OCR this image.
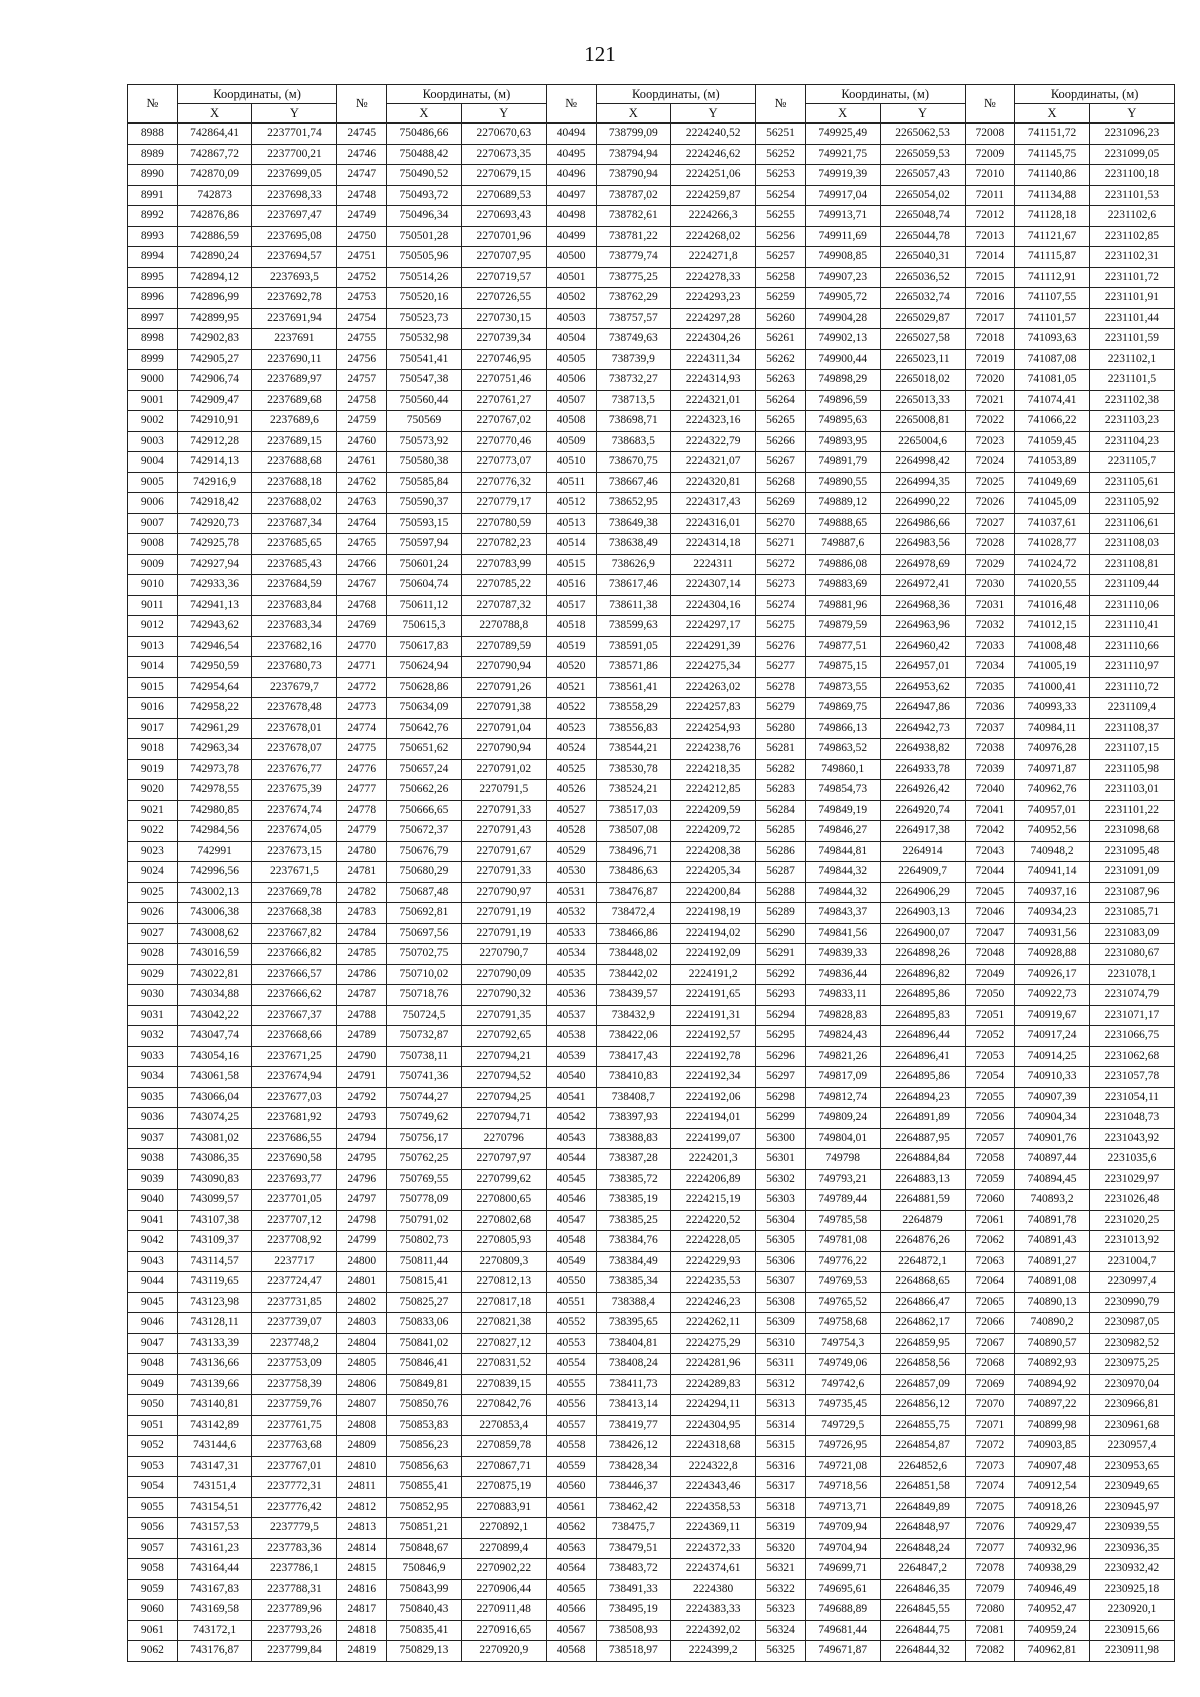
121
№	Координаты, (м)		№	Координаты, (м)		№	Координаты, (м)		№	Координаты, (м)		№	Координаты, (м)	
	X	Y		X	Y		X	Y		X	Y		X	Y
8988	742864,41	2237701,74	24745	750486,66	2270670,63	40494	738799,09	2224240,52	56251	749925,49	2265062,53	72008	741151,72	2231096,23
8989	742867,72	2237700,21	24746	750488,42	2270673,35	40495	738794,94	2224246,62	56252	749921,75	2265059,53	72009	741145,75	2231099,05
8990	742870,09	2237699,05	24747	750490,52	2270679,15	40496	738790,94	2224251,06	56253	749919,39	2265057,43	72010	741140,86	2231100,18
8991	742873	2237698,33	24748	750493,72	2270689,53	40497	738787,02	2224259,87	56254	749917,04	2265054,02	72011	741134,88	2231101,53
8992	742876,86	2237697,47	24749	750496,34	2270693,43	40498	738782,61	2224266,3	56255	749913,71	2265048,74	72012	741128,18	2231102,6
8993	742886,59	2237695,08	24750	750501,28	2270701,96	40499	738781,22	2224268,02	56256	749911,69	2265044,78	72013	741121,67	2231102,85
8994	742890,24	2237694,57	24751	750505,96	2270707,95	40500	738779,74	2224271,8	56257	749908,85	2265040,31	72014	741115,87	2231102,31
8995	742894,12	2237693,5	24752	750514,26	2270719,57	40501	738775,25	2224278,33	56258	749907,23	2265036,52	72015	741112,91	2231101,72
8996	742896,99	2237692,78	24753	750520,16	2270726,55	40502	738762,29	2224293,23	56259	749905,72	2265032,74	72016	741107,55	2231101,91
8997	742899,95	2237691,94	24754	750523,73	2270730,15	40503	738757,57	2224297,28	56260	749904,28	2265029,87	72017	741101,57	2231101,44
8998	742902,83	2237691	24755	750532,98	2270739,34	40504	738749,63	2224304,26	56261	749902,13	2265027,58	72018	741093,63	2231101,59
8999	742905,27	2237690,11	24756	750541,41	2270746,95	40505	738739,9	2224311,34	56262	749900,44	2265023,11	72019	741087,08	2231102,1
9000	742906,74	2237689,97	24757	750547,38	2270751,46	40506	738732,27	2224314,93	56263	749898,29	2265018,02	72020	741081,05	2231101,5
9001	742909,47	2237689,68	24758	750560,44	2270761,27	40507	738713,5	2224321,01	56264	749896,59	2265013,33	72021	741074,41	2231102,38
9002	742910,91	2237689,6	24759	750569	2270767,02	40508	738698,71	2224323,16	56265	749895,63	2265008,81	72022	741066,22	2231103,23
9003	742912,28	2237689,15	24760	750573,92	2270770,46	40509	738683,5	2224322,79	56266	749893,95	2265004,6	72023	741059,45	2231104,23
9004	742914,13	2237688,68	24761	750580,38	2270773,07	40510	738670,75	2224321,07	56267	749891,79	2264998,42	72024	741053,89	2231105,7
9005	742916,9	2237688,18	24762	750585,84	2270776,32	40511	738667,46	2224320,81	56268	749890,55	2264994,35	72025	741049,69	2231105,61
9006	742918,42	2237688,02	24763	750590,37	2270779,17	40512	738652,95	2224317,43	56269	749889,12	2264990,22	72026	741045,09	2231105,92
9007	742920,73	2237687,34	24764	750593,15	2270780,59	40513	738649,38	2224316,01	56270	749888,65	2264986,66	72027	741037,61	2231106,61
9008	742925,78	2237685,65	24765	750597,94	2270782,23	40514	738638,49	2224314,18	56271	749887,6	2264983,56	72028	741028,77	2231108,03
9009	742927,94	2237685,43	24766	750601,24	2270783,99	40515	738626,9	2224311	56272	749886,08	2264978,69	72029	741024,72	2231108,81
9010	742933,36	2237684,59	24767	750604,74	2270785,22	40516	738617,46	2224307,14	56273	749883,69	2264972,41	72030	741020,55	2231109,44
9011	742941,13	2237683,84	24768	750611,12	2270787,32	40517	738611,38	2224304,16	56274	749881,96	2264968,36	72031	741016,48	2231110,06
9012	742943,62	2237683,34	24769	750615,3	2270788,8	40518	738599,63	2224297,17	56275	749879,59	2264963,96	72032	741012,15	2231110,41
9013	742946,54	2237682,16	24770	750617,83	2270789,59	40519	738591,05	2224291,39	56276	749877,51	2264960,42	72033	741008,48	2231110,66
9014	742950,59	2237680,73	24771	750624,94	2270790,94	40520	738571,86	2224275,34	56277	749875,15	2264957,01	72034	741005,19	2231110,97
9015	742954,64	2237679,7	24772	750628,86	2270791,26	40521	738561,41	2224263,02	56278	749873,55	2264953,62	72035	741000,41	2231110,72
9016	742958,22	2237678,48	24773	750634,09	2270791,38	40522	738558,29	2224257,83	56279	749869,75	2264947,86	72036	740993,33	2231109,4
9017	742961,29	2237678,01	24774	750642,76	2270791,04	40523	738556,83	2224254,93	56280	749866,13	2264942,73	72037	740984,11	2231108,37
9018	742963,34	2237678,07	24775	750651,62	2270790,94	40524	738544,21	2224238,76	56281	749863,52	2264938,82	72038	740976,28	2231107,15
9019	742973,78	2237676,77	24776	750657,24	2270791,02	40525	738530,78	2224218,35	56282	749860,1	2264933,78	72039	740971,87	2231105,98
9020	742978,55	2237675,39	24777	750662,26	2270791,5	40526	738524,21	2224212,85	56283	749854,73	2264926,42	72040	740962,76	2231103,01
9021	742980,85	2237674,74	24778	750666,65	2270791,33	40527	738517,03	2224209,59	56284	749849,19	2264920,74	72041	740957,01	2231101,22
9022	742984,56	2237674,05	24779	750672,37	2270791,43	40528	738507,08	2224209,72	56285	749846,27	2264917,38	72042	740952,56	2231098,68
9023	742991	2237673,15	24780	750676,79	2270791,67	40529	738496,71	2224208,38	56286	749844,81	2264914	72043	740948,2	2231095,48
9024	742996,56	2237671,5	24781	750680,29	2270791,33	40530	738486,63	2224205,34	56287	749844,32	2264909,7	72044	740941,14	2231091,09
9025	743002,13	2237669,78	24782	750687,48	2270790,97	40531	738476,87	2224200,84	56288	749844,32	2264906,29	72045	740937,16	2231087,96
9026	743006,38	2237668,38	24783	750692,81	2270791,19	40532	738472,4	2224198,19	56289	749843,37	2264903,13	72046	740934,23	2231085,71
9027	743008,62	2237667,82	24784	750697,56	2270791,19	40533	738466,86	2224194,02	56290	749841,56	2264900,07	72047	740931,56	2231083,09
9028	743016,59	2237666,82	24785	750702,75	2270790,7	40534	738448,02	2224192,09	56291	749839,33	2264898,26	72048	740928,88	2231080,67
9029	743022,81	2237666,57	24786	750710,02	2270790,09	40535	738442,02	2224191,2	56292	749836,44	2264896,82	72049	740926,17	2231078,1
9030	743034,88	2237666,62	24787	750718,76	2270790,32	40536	738439,57	2224191,65	56293	749833,11	2264895,86	72050	740922,73	2231074,79
9031	743042,22	2237667,37	24788	750724,5	2270791,35	40537	738432,9	2224191,31	56294	749828,83	2264895,83	72051	740919,67	2231071,17
9032	743047,74	2237668,66	24789	750732,87	2270792,65	40538	738422,06	2224192,57	56295	749824,43	2264896,44	72052	740917,24	2231066,75
9033	743054,16	2237671,25	24790	750738,11	2270794,21	40539	738417,43	2224192,78	56296	749821,26	2264896,41	72053	740914,25	2231062,68
9034	743061,58	2237674,94	24791	750741,36	2270794,52	40540	738410,83	2224192,34	56297	749817,09	2264895,86	72054	740910,33	2231057,78
9035	743066,04	2237677,03	24792	750744,27	2270794,25	40541	738408,7	2224192,06	56298	749812,74	2264894,23	72055	740907,39	2231054,11
9036	743074,25	2237681,92	24793	750749,62	2270794,71	40542	738397,93	2224194,01	56299	749809,24	2264891,89	72056	740904,34	2231048,73
9037	743081,02	2237686,55	24794	750756,17	2270796	40543	738388,83	2224199,07	56300	749804,01	2264887,95	72057	740901,76	2231043,92
9038	743086,35	2237690,58	24795	750762,25	2270797,97	40544	738387,28	2224201,3	56301	749798	2264884,84	72058	740897,44	2231035,6
9039	743090,83	2237693,77	24796	750769,55	2270799,62	40545	738385,72	2224206,89	56302	749793,21	2264883,13	72059	740894,45	2231029,97
9040	743099,57	2237701,05	24797	750778,09	2270800,65	40546	738385,19	2224215,19	56303	749789,44	2264881,59	72060	740893,2	2231026,48
9041	743107,38	2237707,12	24798	750791,02	2270802,68	40547	738385,25	2224220,52	56304	749785,58	2264879	72061	740891,78	2231020,25
9042	743109,37	2237708,92	24799	750802,73	2270805,93	40548	738384,76	2224228,05	56305	749781,08	2264876,26	72062	740891,43	2231013,92
9043	743114,57	2237717	24800	750811,44	2270809,3	40549	738384,49	2224229,93	56306	749776,22	2264872,1	72063	740891,27	2231004,7
9044	743119,65	2237724,47	24801	750815,41	2270812,13	40550	738385,34	2224235,53	56307	749769,53	2264868,65	72064	740891,08	2230997,4
9045	743123,98	2237731,85	24802	750825,27	2270817,18	40551	738388,4	2224246,23	56308	749765,52	2264866,47	72065	740890,13	2230990,79
9046	743128,11	2237739,07	24803	750833,06	2270821,38	40552	738395,65	2224262,11	56309	749758,68	2264862,17	72066	740890,2	2230987,05
9047	743133,39	2237748,2	24804	750841,02	2270827,12	40553	738404,81	2224275,29	56310	749754,3	2264859,95	72067	740890,57	2230982,52
9048	743136,66	2237753,09	24805	750846,41	2270831,52	40554	738408,24	2224281,96	56311	749749,06	2264858,56	72068	740892,93	2230975,25
9049	743139,66	2237758,39	24806	750849,81	2270839,15	40555	738411,73	2224289,83	56312	749742,6	2264857,09	72069	740894,92	2230970,04
9050	743140,81	2237759,76	24807	750850,76	2270842,76	40556	738413,14	2224294,11	56313	749735,45	2264856,12	72070	740897,22	2230966,81
9051	743142,89	2237761,75	24808	750853,83	2270853,4	40557	738419,77	2224304,95	56314	749729,5	2264855,75	72071	740899,98	2230961,68
9052	743144,6	2237763,68	24809	750856,23	2270859,78	40558	738426,12	2224318,68	56315	749726,95	2264854,87	72072	740903,85	2230957,4
9053	743147,31	2237767,01	24810	750856,63	2270867,71	40559	738428,34	2224322,8	56316	749721,08	2264852,6	72073	740907,48	2230953,65
9054	743151,4	2237772,31	24811	750855,41	2270875,19	40560	738446,37	2224343,46	56317	749718,56	2264851,58	72074	740912,54	2230949,65
9055	743154,51	2237776,42	24812	750852,95	2270883,91	40561	738462,42	2224358,53	56318	749713,71	2264849,89	72075	740918,26	2230945,97
9056	743157,53	2237779,5	24813	750851,21	2270892,1	40562	738475,7	2224369,11	56319	749709,94	2264848,97	72076	740929,47	2230939,55
9057	743161,23	2237783,36	24814	750848,67	2270899,4	40563	738479,51	2224372,33	56320	749704,94	2264848,24	72077	740932,96	2230936,35
9058	743164,44	2237786,1	24815	750846,9	2270902,22	40564	738483,72	2224374,61	56321	749699,71	2264847,2	72078	740938,29	2230932,42
9059	743167,83	2237788,31	24816	750843,99	2270906,44	40565	738491,33	2224380	56322	749695,61	2264846,35	72079	740946,49	2230925,18
9060	743169,58	2237789,96	24817	750840,43	2270911,48	40566	738495,19	2224383,33	56323	749688,89	2264845,55	72080	740952,47	2230920,1
9061	743172,1	2237793,26	24818	750835,41	2270916,65	40567	738508,93	2224392,02	56324	749681,44	2264844,75	72081	740959,24	2230915,66
9062	743176,87	2237799,84	24819	750829,13	2270920,9	40568	738518,97	2224399,2	56325	749671,87	2264844,32	72082	740962,81	2230911,98
